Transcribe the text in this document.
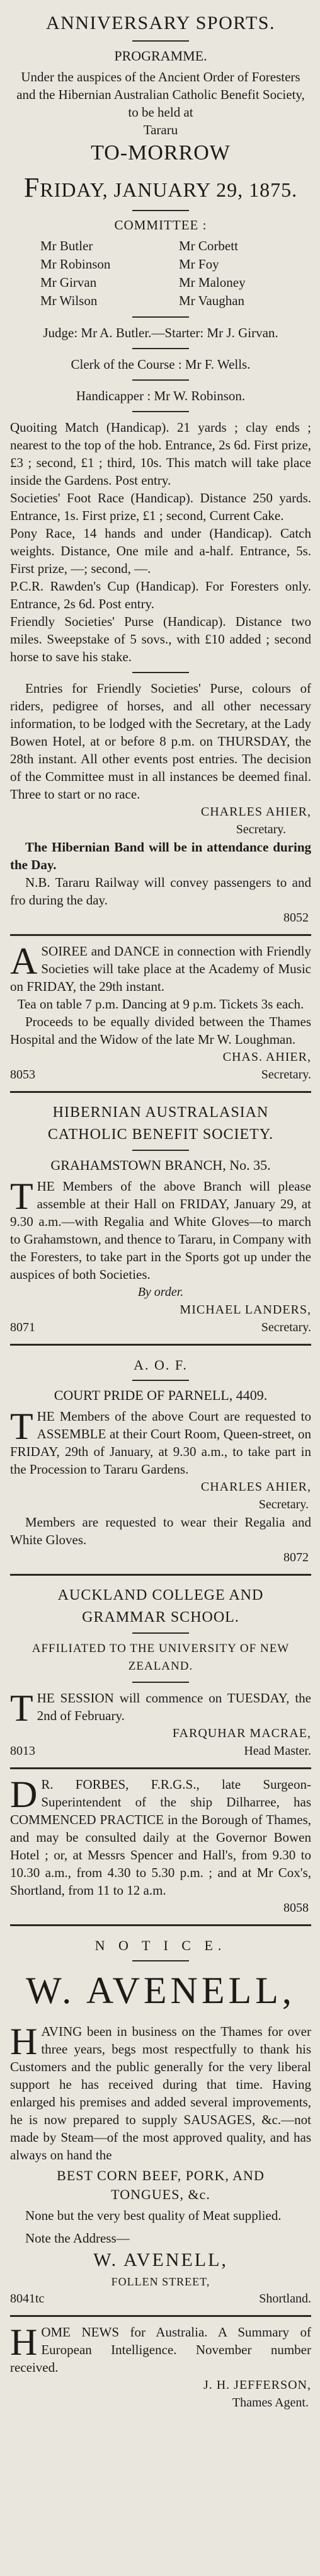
ANNIVERSARY SPORTS.
PROGRAMME.

Under the auspices of the Ancient Order of Foresters and the Hibernian Australian Catholic Benefit Society, to be held at

Tararu
TO-MORROW
FRIDAY, JANUARY 29, 1875.
COMMITTEE :
Mr Butler	Mr Corbett
Mr Robinson	Mr Foy
Mr Girvan	Mr Maloney
Mr Wilson	Mr Vaughan
Judge: Mr A. Butler.—Starter: Mr J. Girvan.
Clerk of the Course : Mr F. Wells.
Handicapper : Mr W. Robinson.

Quoiting Match (Handicap). 21 yards ; clay ends ; nearest to the top of the hob. Entrance, 2s 6d. First prize, £3 ; second, £1 ; third, 10s. This match will take place inside the Gardens. Post entry.

Societies' Foot Race (Handicap). Distance 250 yards. Entrance, 1s. First prize, £1 ; second, Current Cake.

Pony Race, 14 hands and under (Handicap). Catch weights. Distance, One mile and a-half. Entrance, 5s. First prize, —; second, —.

P.C.R. Rawden's Cup (Handicap). For Foresters only. Entrance, 2s 6d. Post entry.

Friendly Societies' Purse (Handicap). Distance two miles. Sweepstake of 5 sovs., with £10 added ; second horse to save his stake.

Entries for Friendly Societies' Purse, colours of riders, pedigree of horses, and all other necessary information, to be lodged with the Secretary, at the Lady Bowen Hotel, at or before 8 p.m. on THURSDAY, the 28th instant. All other events post entries. The decision of the Committee must in all instances be deemed final. Three to start or no race.

CHARLES AHIER,
Secretary.

The Hibernian Band will be in attendance during the Day.

N.B. Tararu Railway will convey passengers to and fro during the day.

8052
A SOIREE and DANCE in connection with Friendly Societies will take place at the Academy of Music on FRIDAY, the 29th instant.

Tea on table 7 p.m. Dancing at 9 p.m. Tickets 3s each.

Proceeds to be equally divided between the Thames Hospital and the Widow of the late Mr W. Loughman.

CHAS. AHIER,
8053	Secretary.
HIBERNIAN AUSTRALASIAN
CATHOLIC BENEFIT SOCIETY.
GRAHAMSTOWN BRANCH, No. 35.
T HE Members of the above Branch will please assemble at their Hall on FRIDAY, January 29, at 9.30 a.m.—with Regalia and White Gloves—to march to Grahamstown, and thence to Tararu, in Company with the Foresters, to take part in the Sports got up under the auspices of both Societies.

By order.
MICHAEL LANDERS,
8071	Secretary.
A. O. F.
COURT PRIDE OF PARNELL, 4409.
T HE Members of the above Court are requested to ASSEMBLE at their Court Room, Queen-street, on FRIDAY, 29th of January, at 9.30 a.m., to take part in the Procession to Tararu Gardens.

CHARLES AHIER,
Secretary.

Members are requested to wear their Regalia and White Gloves.

8072
AUCKLAND COLLEGE AND
GRAMMAR SCHOOL.
AFFILIATED TO THE UNIVERSITY OF NEW ZEALAND.
T HE SESSION will commence on TUESDAY, the 2nd of February.

FARQUHAR MACRAE,
8013	Head Master.
D R. FORBES, F.R.G.S., late Surgeon-Superintendent of the ship Dilharree, has COMMENCED PRACTICE in the Borough of Thames, and may be consulted daily at the Governor Bowen Hotel ; or, at Messrs Spencer and Hall's, from 9.30 to 10.30 a.m., from 4.30 to 5.30 p.m. ; and at Mr Cox's, Shortland, from 11 to 12 a.m.

8058
N O T I C E.
W. AVENELL,
H AVING been in business on the Thames for over three years, begs most respectfully to thank his Customers and the public generally for the very liberal support he has received during that time. Having enlarged his premises and added several improvements, he is now prepared to supply SAUSAGES, &c.—not made by Steam—of the most approved quality, and has always on hand the

BEST CORN BEEF, PORK, AND TONGUES, &c.

None but the very best quality of Meat supplied.

Note the Address—

W. AVENELL,
FOLLEN STREET,
8041tc	Shortland.
H OME NEWS for Australia. A Summary of European Intelligence. November number received.

J. H. JEFFERSON,
Thames Agent.
